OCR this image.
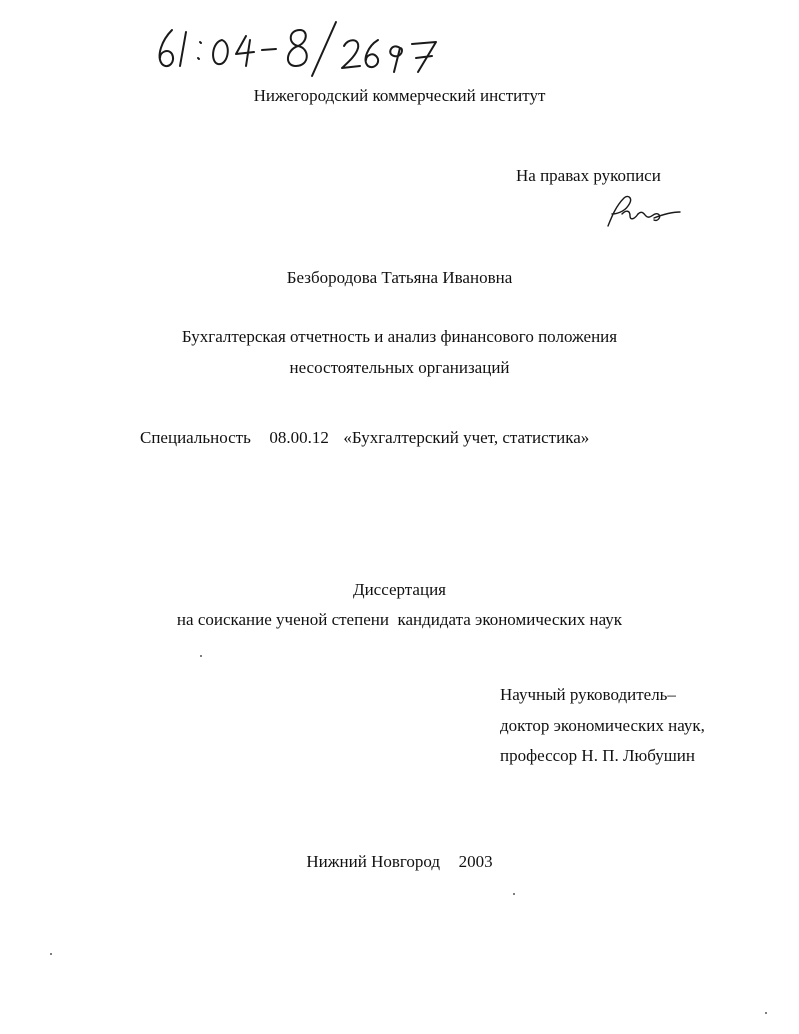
Нижегородский коммерческий институт
На правах рукописи
Безбородова Татьяна Ивановна
Бухгалтерская отчетность и анализ финансового положения
несостоятельных организаций
Специальность 08.00.12 «Бухгалтерский учет, статистика»
Диссертация
на соискание ученой степени  кандидата экономических наук
Научный руководитель–
доктор экономических наук,
профессор Н. П. Любушин
Нижний Новгород 2003
